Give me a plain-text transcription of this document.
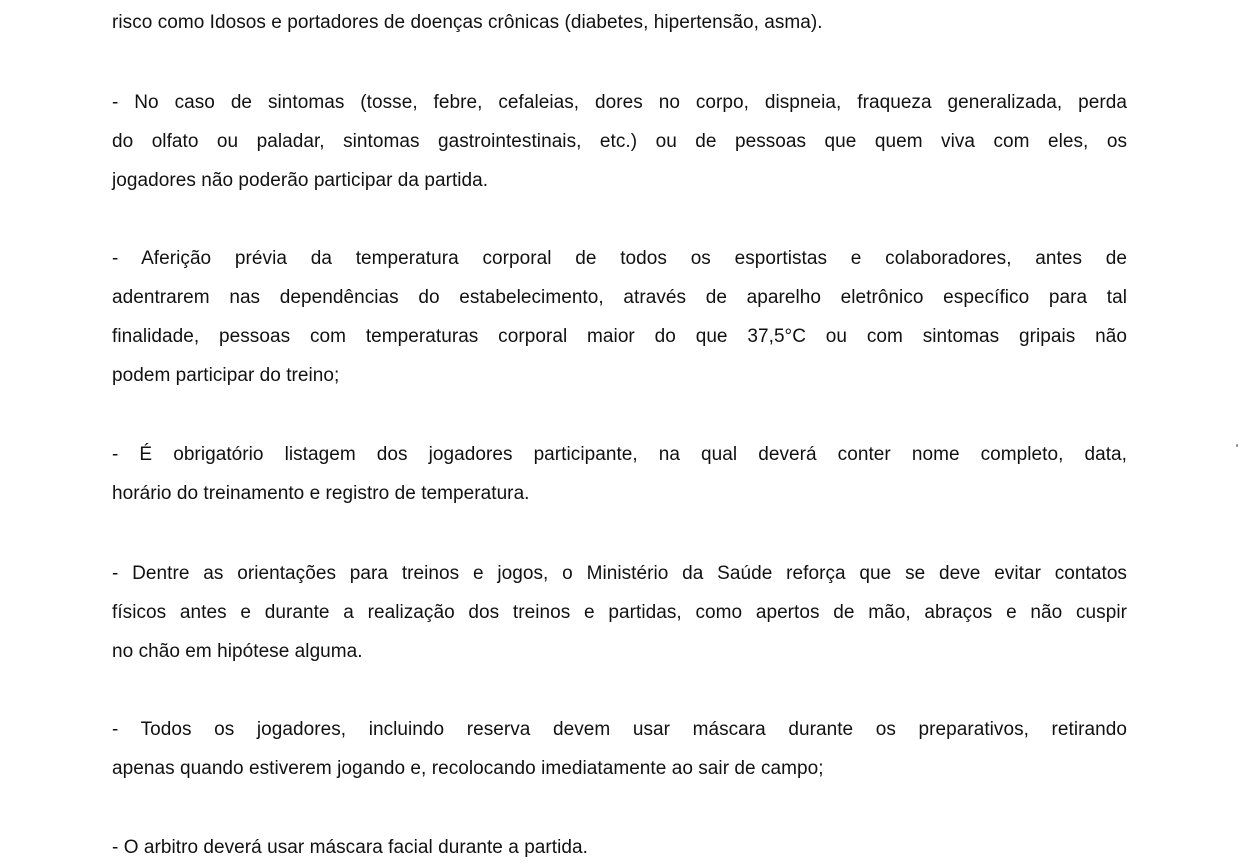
risco como Idosos e portadores de doenças crônicas (diabetes, hipertensão, asma).
- No caso de sintomas (tosse, febre, cefaleias, dores no corpo, dispneia, fraqueza generalizada, perda
do olfato ou paladar, sintomas gastrointestinais, etc.) ou de pessoas que quem viva com eles, os
jogadores não poderão participar da partida.
- Aferição prévia da temperatura corporal de todos os esportistas e colaboradores, antes de
adentrarem nas dependências do estabelecimento, através de aparelho eletrônico específico para tal
finalidade, pessoas com temperaturas corporal maior do que 37,5°C ou com sintomas gripais não
podem participar do treino;
- É obrigatório listagem dos jogadores participante, na qual deverá conter nome completo, data,
horário do treinamento e registro de temperatura.
- Dentre as orientações para treinos e jogos, o Ministério da Saúde reforça que se deve evitar contatos
físicos antes e durante a realização dos treinos e partidas, como apertos de mão, abraços e não cuspir
no chão em hipótese alguma.
- Todos os jogadores, incluindo reserva devem usar máscara durante os preparativos, retirando
apenas quando estiverem jogando e, recolocando imediatamente ao sair de campo;
- O arbitro deverá usar máscara facial durante a partida.
